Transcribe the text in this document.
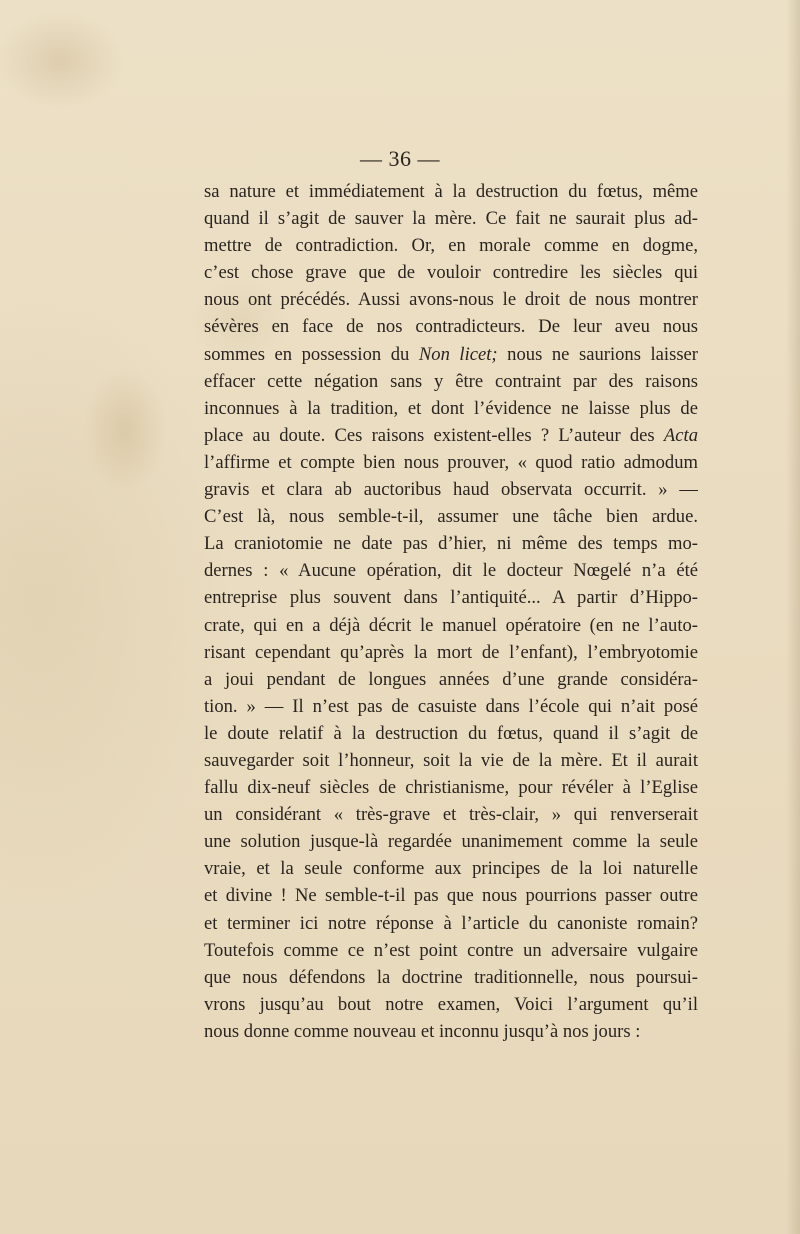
— 36 —
sa nature et immédiatement à la destruction du fœtus, même
quand il s’agit de sauver la mère. Ce fait ne saurait plus ad-
mettre de contradiction. Or, en morale comme en dogme,
c’est chose grave que de vouloir contredire les siècles qui
nous ont précédés. Aussi avons-nous le droit de nous montrer
sévères en face de nos contradicteurs. De leur aveu nous
sommes en possession du Non licet; nous ne saurions laisser
effacer cette négation sans y être contraint par des raisons
inconnues à la tradition, et dont l’évidence ne laisse plus de
place au doute. Ces raisons existent-elles ? L’auteur des Acta
l’affirme et compte bien nous prouver, « quod ratio admodum
gravis et clara ab auctoribus haud observata occurrit. » —
C’est là, nous semble-t-il, assumer une tâche bien ardue.
La craniotomie ne date pas d’hier, ni même des temps mo-
dernes : « Aucune opération, dit le docteur Nœgelé n’a été
entreprise plus souvent dans l’antiquité... A partir d’Hippo-
crate, qui en a déjà décrit le manuel opératoire (en ne l’auto-
risant cependant qu’après la mort de l’enfant), l’embryotomie
a joui pendant de longues années d’une grande considéra-
tion. » — Il n’est pas de casuiste dans l’école qui n’ait posé
le doute relatif à la destruction du fœtus, quand il s’agit de
sauvegarder soit l’honneur, soit la vie de la mère. Et il aurait
fallu dix-neuf siècles de christianisme, pour révéler à l’Eglise
un considérant « très-grave et très-clair, » qui renverserait
une solution jusque-là regardée unanimement comme la seule
vraie, et la seule conforme aux principes de la loi naturelle
et divine ! Ne semble-t-il pas que nous pourrions passer outre
et terminer ici notre réponse à l’article du canoniste romain?
Toutefois comme ce n’est point contre un adversaire vulgaire
que nous défendons la doctrine traditionnelle, nous poursui-
vrons jusqu’au bout notre examen, Voici l’argument qu’il
nous donne comme nouveau et inconnu jusqu’à nos jours :
